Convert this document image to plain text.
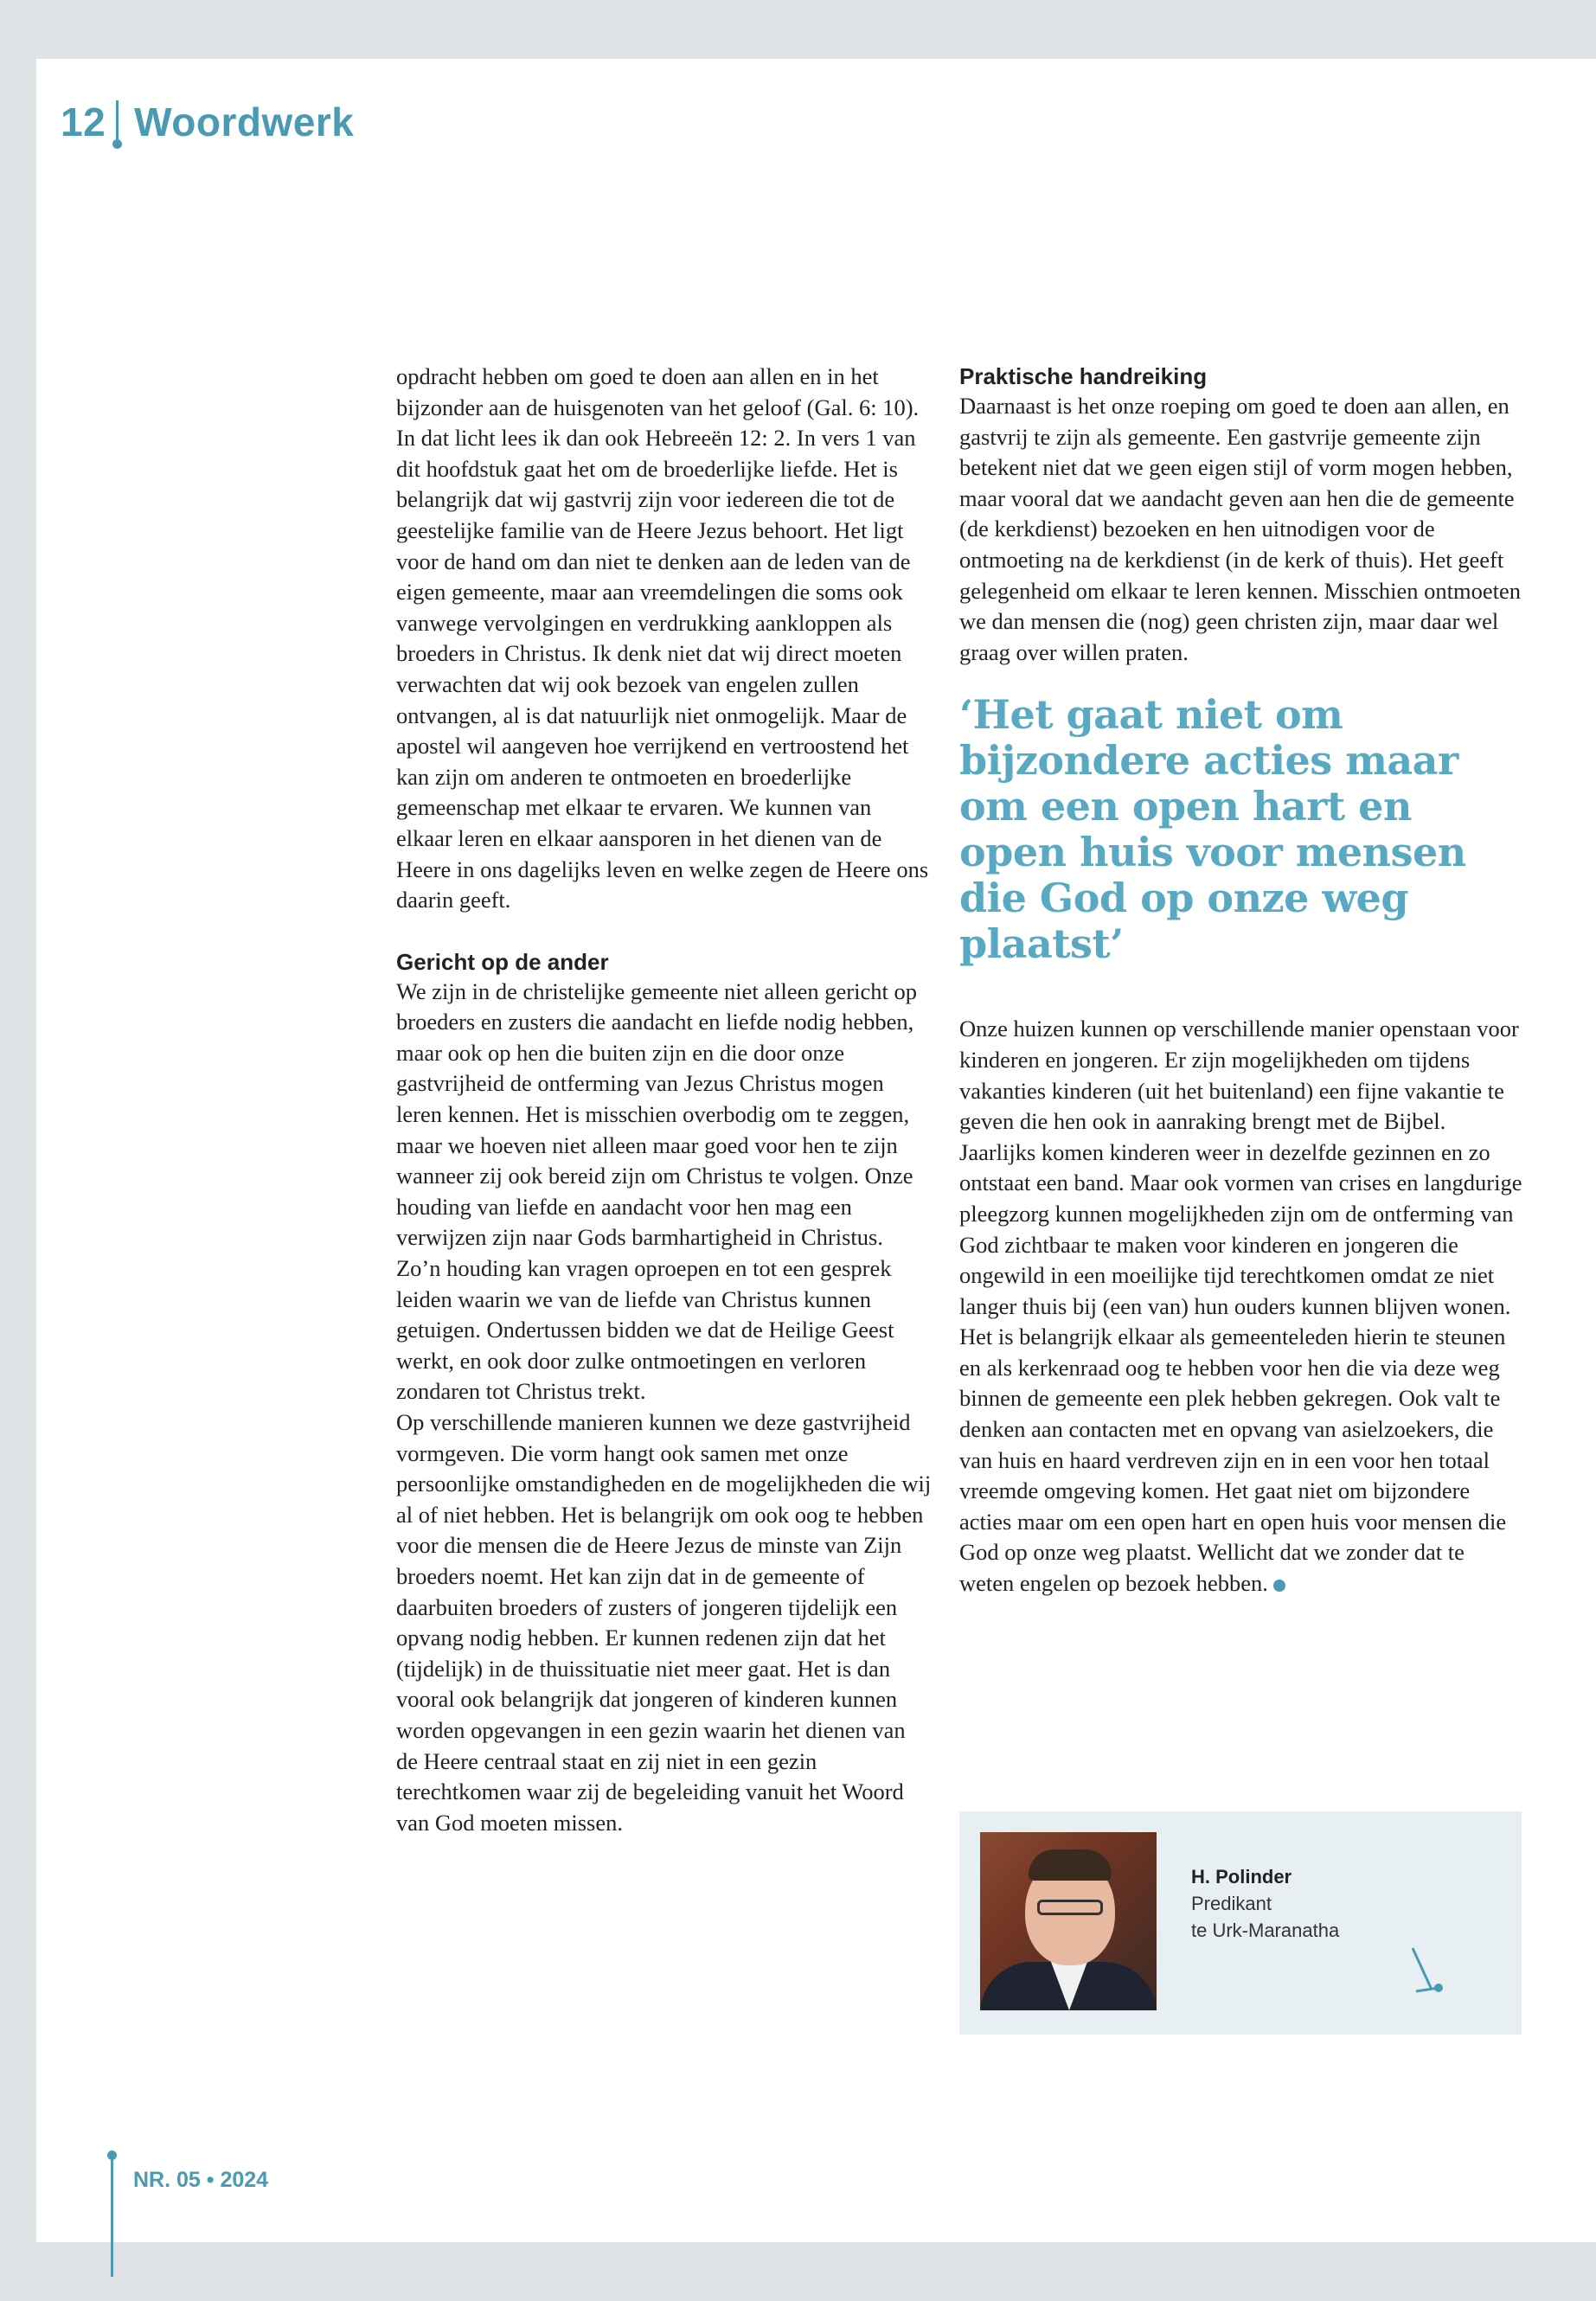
12 Woordwerk

opdracht hebben om goed te doen aan allen en in het bijzonder aan de huisgenoten van het geloof (Gal. 6: 10).

In dat licht lees ik dan ook Hebreeën 12: 2. In vers 1 van dit hoofdstuk gaat het om de broederlijke liefde. Het is belangrijk dat wij gastvrij zijn voor iedereen die tot de geestelijke familie van de Heere Jezus behoort. Het ligt voor de hand om dan niet te denken aan de leden van de eigen gemeente, maar aan vreemdelingen die soms ook vanwege vervolgingen en verdrukking aankloppen als broeders in Christus. Ik denk niet dat wij direct moeten verwachten dat wij ook bezoek van engelen zullen ontvangen, al is dat natuurlijk niet onmogelijk. Maar de apostel wil aangeven hoe verrijkend en vertroostend het kan zijn om anderen te ontmoeten en broederlijke gemeenschap met elkaar te ervaren. We kunnen van elkaar leren en elkaar aansporen in het dienen van de Heere in ons dagelijks leven en welke zegen de Heere ons daarin geeft.

Gericht op de ander

We zijn in de christelijke gemeente niet alleen gericht op broeders en zusters die aandacht en liefde nodig hebben, maar ook op hen die buiten zijn en die door onze gastvrijheid de ontferming van Jezus Christus mogen leren kennen. Het is misschien overbodig om te zeggen, maar we hoeven niet alleen maar goed voor hen te zijn wanneer zij ook bereid zijn om Christus te volgen. Onze houding van liefde en aandacht voor hen mag een verwijzen zijn naar Gods barmhartigheid in Christus. Zo’n houding kan vragen oproepen en tot een gesprek leiden waarin we van de liefde van Christus kunnen getuigen. Ondertussen bidden we dat de Heilige Geest werkt, en ook door zulke ontmoetingen en verloren zondaren tot Christus trekt.

Op verschillende manieren kunnen we deze gastvrijheid vormgeven. Die vorm hangt ook samen met onze persoonlijke omstandigheden en de mogelijkheden die wij al of niet hebben. Het is belangrijk om ook oog te hebben voor die mensen die de Heere Jezus de minste van Zijn broeders noemt. Het kan zijn dat in de gemeente of daarbuiten broeders of zusters of jongeren tijdelijk een opvang nodig hebben. Er kunnen redenen zijn dat het (tijdelijk) in de thuissituatie niet meer gaat. Het is dan vooral ook belangrijk dat jongeren of kinderen kunnen worden opgevangen in een gezin waarin het dienen van de Heere centraal staat en zij niet in een gezin terechtkomen waar zij de begeleiding vanuit het Woord van God moeten missen.

Praktische handreiking

Daarnaast is het onze roeping om goed te doen aan allen, en gastvrij te zijn als gemeente. Een gastvrije gemeente zijn betekent niet dat we geen eigen stijl of vorm mogen hebben, maar vooral dat we aandacht geven aan hen die de gemeente (de kerkdienst) bezoeken en hen uitnodigen voor de ontmoeting na de kerkdienst (in de kerk of thuis). Het geeft gelegenheid om elkaar te leren kennen. Misschien ontmoeten we dan mensen die (nog) geen christen zijn, maar daar wel graag over willen praten.

‘Het gaat niet om bijzondere acties maar om een open hart en open huis voor mensen die God op onze weg plaatst’

Onze huizen kunnen op verschillende manier openstaan voor kinderen en jongeren. Er zijn mogelijkheden om tijdens vakanties kinderen (uit het buitenland) een fijne vakantie te geven die hen ook in aanraking brengt met de Bijbel. Jaarlijks komen kinderen weer in dezelfde gezinnen en zo ontstaat een band. Maar ook vormen van crises en langdurige pleegzorg kunnen mogelijkheden zijn om de ontferming van God zichtbaar te maken voor kinderen en jongeren die ongewild in een moeilijke tijd terechtkomen omdat ze niet langer thuis bij (een van) hun ouders kunnen blijven wonen. Het is belangrijk elkaar als gemeenteleden hierin te steunen en als kerkenraad oog te hebben voor hen die via deze weg binnen de gemeente een plek hebben gekregen. Ook valt te denken aan contacten met en opvang van asielzoekers, die van huis en haard verdreven zijn en in een voor hen totaal vreemde omgeving komen. Het gaat niet om bijzondere acties maar om een open hart en open huis voor mensen die God op onze weg plaatst. Wellicht dat we zonder dat te weten engelen op bezoek hebben.

H. Polinder
Predikant
te Urk-Maranatha
NR. 05 • 2024
